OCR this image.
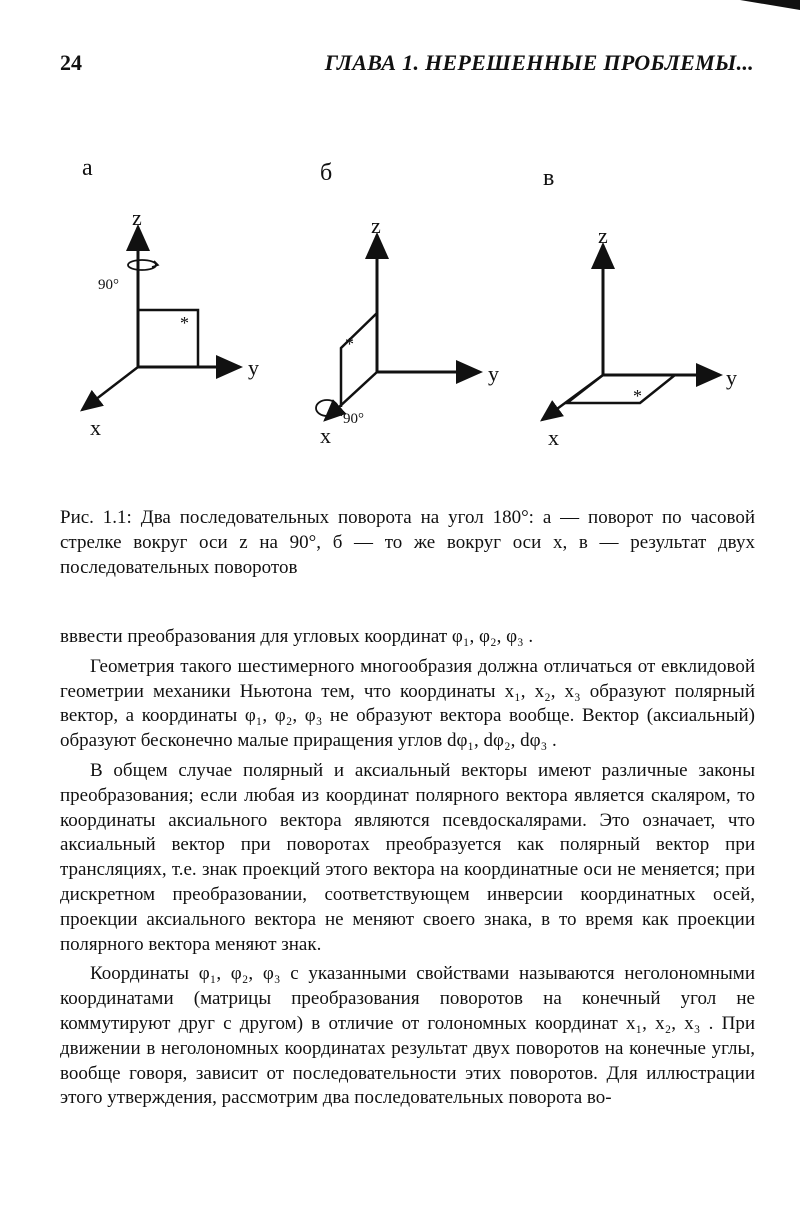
24	ГЛАВА 1. НЕРЕШЕННЫЕ ПРОБЛЕМЫ...
а	б	в
*
z
y
x
90°
*
z
y
x
90°
*
z
y
x
Рис. 1.1: Два последовательных поворота на угол 180°: а — поворот по часовой стрелке вокруг оси z на 90°, б — то же вокруг оси x, в — результат двух последовательных поворотов

вввести преобразования для угловых координат φ₁, φ₂, φ₃ .

Геометрия такого шестимерного многообразия должна отличаться от евклидовой геометрии механики Ньютона тем, что координаты x₁, x₂, x₃ образуют полярный вектор, а координаты φ₁, φ₂, φ₃ не образуют вектора вообще. Вектор (аксиальный) образуют бесконечно малые приращения углов dφ₁, dφ₂, dφ₃ .

В общем случае полярный и аксиальный векторы имеют различные законы преобразования; если любая из координат полярного вектора является скаляром, то координаты аксиального вектора являются псевдоскалярами. Это означает, что аксиальный вектор при поворотах преобразуется как полярный вектор при трансляциях, т.е. знак проекций этого вектора на координатные оси не меняется; при дискретном преобразовании, соответствующем инверсии координатных осей, проекции аксиального вектора не меняют своего знака, в то время как проекции полярного вектора меняют знак.

Координаты φ₁, φ₂, φ₃ с указанными свойствами называются неголономными координатами (матрицы преобразования поворотов на конечный угол не коммутируют друг с другом) в отличие от голономных координат x₁, x₂, x₃ . При движении в неголономных координатах результат двух поворотов на конечные углы, вообще говоря, зависит от последовательности этих поворотов. Для иллюстрации этого утверждения, рассмотрим два последовательных поворота во-
